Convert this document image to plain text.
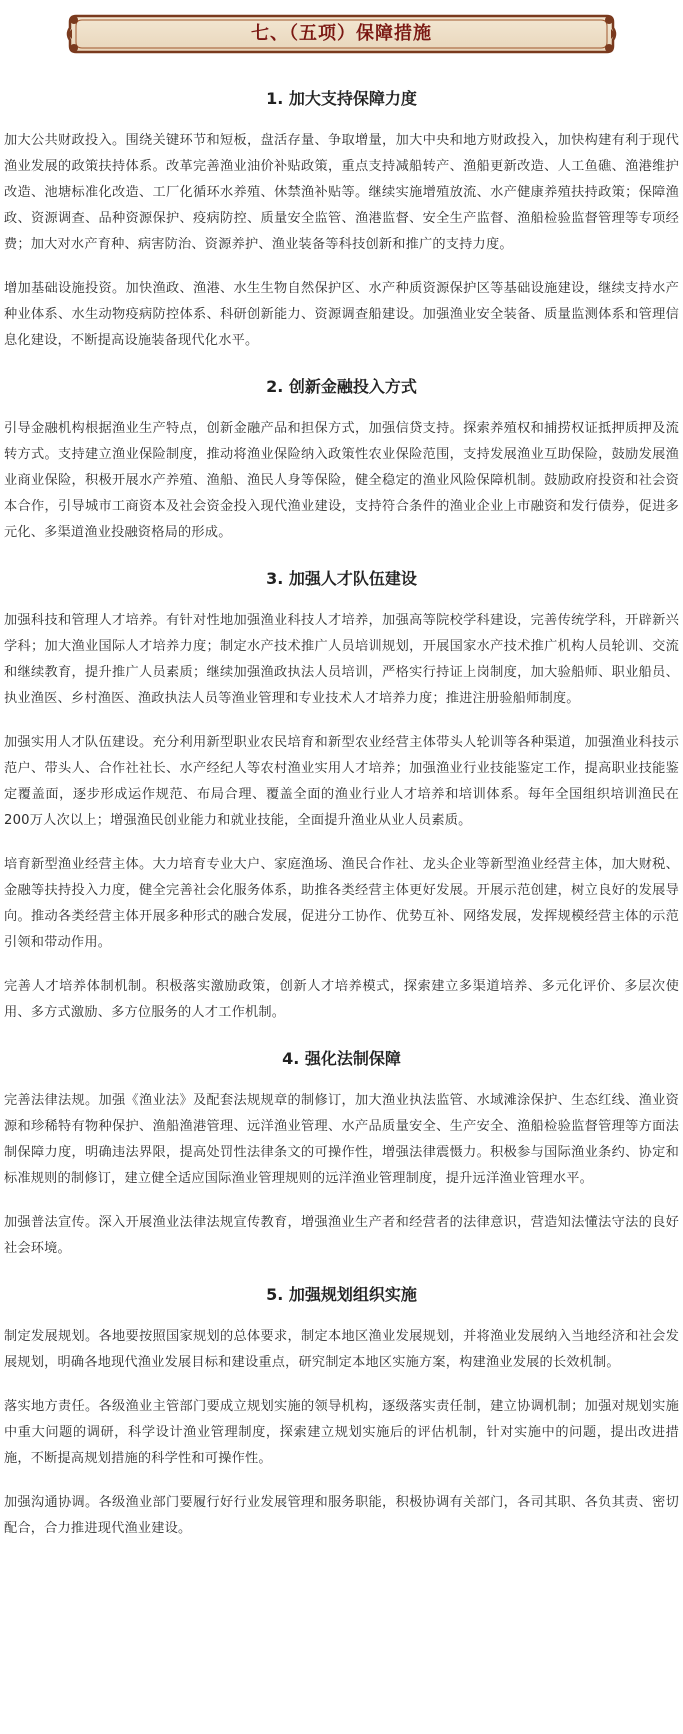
七、（五项）保障措施
1. 加大支持保障力度

加大公共财政投入。围绕关键环节和短板，盘活存量、争取增量，加大中央和地方财政投入，加快构建有利于现代渔业发展的政策扶持体系。改革完善渔业油价补贴政策，重点支持减船转产、渔船更新改造、人工鱼礁、渔港维护改造、池塘标准化改造、工厂化循环水养殖、休禁渔补贴等。继续实施增殖放流、水产健康养殖扶持政策；保障渔政、资源调查、品种资源保护、疫病防控、质量安全监管、渔港监督、安全生产监督、渔船检验监督管理等专项经费；加大对水产育种、病害防治、资源养护、渔业装备等科技创新和推广的支持力度。

增加基础设施投资。加快渔政、渔港、水生生物自然保护区、水产种质资源保护区等基础设施建设，继续支持水产种业体系、水生动物疫病防控体系、科研创新能力、资源调查船建设。加强渔业安全装备、质量监测体系和管理信息化建设，不断提高设施装备现代化水平。

2. 创新金融投入方式

引导金融机构根据渔业生产特点，创新金融产品和担保方式，加强信贷支持。探索养殖权和捕捞权证抵押质押及流转方式。支持建立渔业保险制度，推动将渔业保险纳入政策性农业保险范围，支持发展渔业互助保险，鼓励发展渔业商业保险，积极开展水产养殖、渔船、渔民人身等保险，健全稳定的渔业风险保障机制。鼓励政府投资和社会资本合作，引导城市工商资本及社会资金投入现代渔业建设，支持符合条件的渔业企业上市融资和发行债券，促进多元化、多渠道渔业投融资格局的形成。

3. 加强人才队伍建设

加强科技和管理人才培养。有针对性地加强渔业科技人才培养，加强高等院校学科建设，完善传统学科，开辟新兴学科；加大渔业国际人才培养力度；制定水产技术推广人员培训规划，开展国家水产技术推广机构人员轮训、交流和继续教育，提升推广人员素质；继续加强渔政执法人员培训，严格实行持证上岗制度，加大验船师、职业船员、执业渔医、乡村渔医、渔政执法人员等渔业管理和专业技术人才培养力度；推进注册验船师制度。

加强实用人才队伍建设。充分利用新型职业农民培育和新型农业经营主体带头人轮训等各种渠道，加强渔业科技示范户、带头人、合作社社长、水产经纪人等农村渔业实用人才培养；加强渔业行业技能鉴定工作，提高职业技能鉴定覆盖面，逐步形成运作规范、布局合理、覆盖全面的渔业行业人才培养和培训体系。每年全国组织培训渔民在200万人次以上；增强渔民创业能力和就业技能，全面提升渔业从业人员素质。

培育新型渔业经营主体。大力培育专业大户、家庭渔场、渔民合作社、龙头企业等新型渔业经营主体，加大财税、金融等扶持投入力度，健全完善社会化服务体系，助推各类经营主体更好发展。开展示范创建，树立良好的发展导向。推动各类经营主体开展多种形式的融合发展，促进分工协作、优势互补、网络发展，发挥规模经营主体的示范引领和带动作用。

完善人才培养体制机制。积极落实激励政策，创新人才培养模式，探索建立多渠道培养、多元化评价、多层次使用、多方式激励、多方位服务的人才工作机制。

4. 强化法制保障

完善法律法规。加强《渔业法》及配套法规规章的制修订，加大渔业执法监管、水域滩涂保护、生态红线、渔业资源和珍稀特有物种保护、渔船渔港管理、远洋渔业管理、水产品质量安全、生产安全、渔船检验监督管理等方面法制保障力度，明确违法界限，提高处罚性法律条文的可操作性，增强法律震慑力。积极参与国际渔业条约、协定和标准规则的制修订，建立健全适应国际渔业管理规则的远洋渔业管理制度，提升远洋渔业管理水平。

加强普法宣传。深入开展渔业法律法规宣传教育，增强渔业生产者和经营者的法律意识，营造知法懂法守法的良好社会环境。

5. 加强规划组织实施

制定发展规划。各地要按照国家规划的总体要求，制定本地区渔业发展规划，并将渔业发展纳入当地经济和社会发展规划，明确各地现代渔业发展目标和建设重点，研究制定本地区实施方案，构建渔业发展的长效机制。

落实地方责任。各级渔业主管部门要成立规划实施的领导机构，逐级落实责任制，建立协调机制；加强对规划实施中重大问题的调研，科学设计渔业管理制度，探索建立规划实施后的评估机制，针对实施中的问题，提出改进措施，不断提高规划措施的科学性和可操作性。

加强沟通协调。各级渔业部门要履行好行业发展管理和服务职能，积极协调有关部门，各司其职、各负其责、密切配合，合力推进现代渔业建设。
